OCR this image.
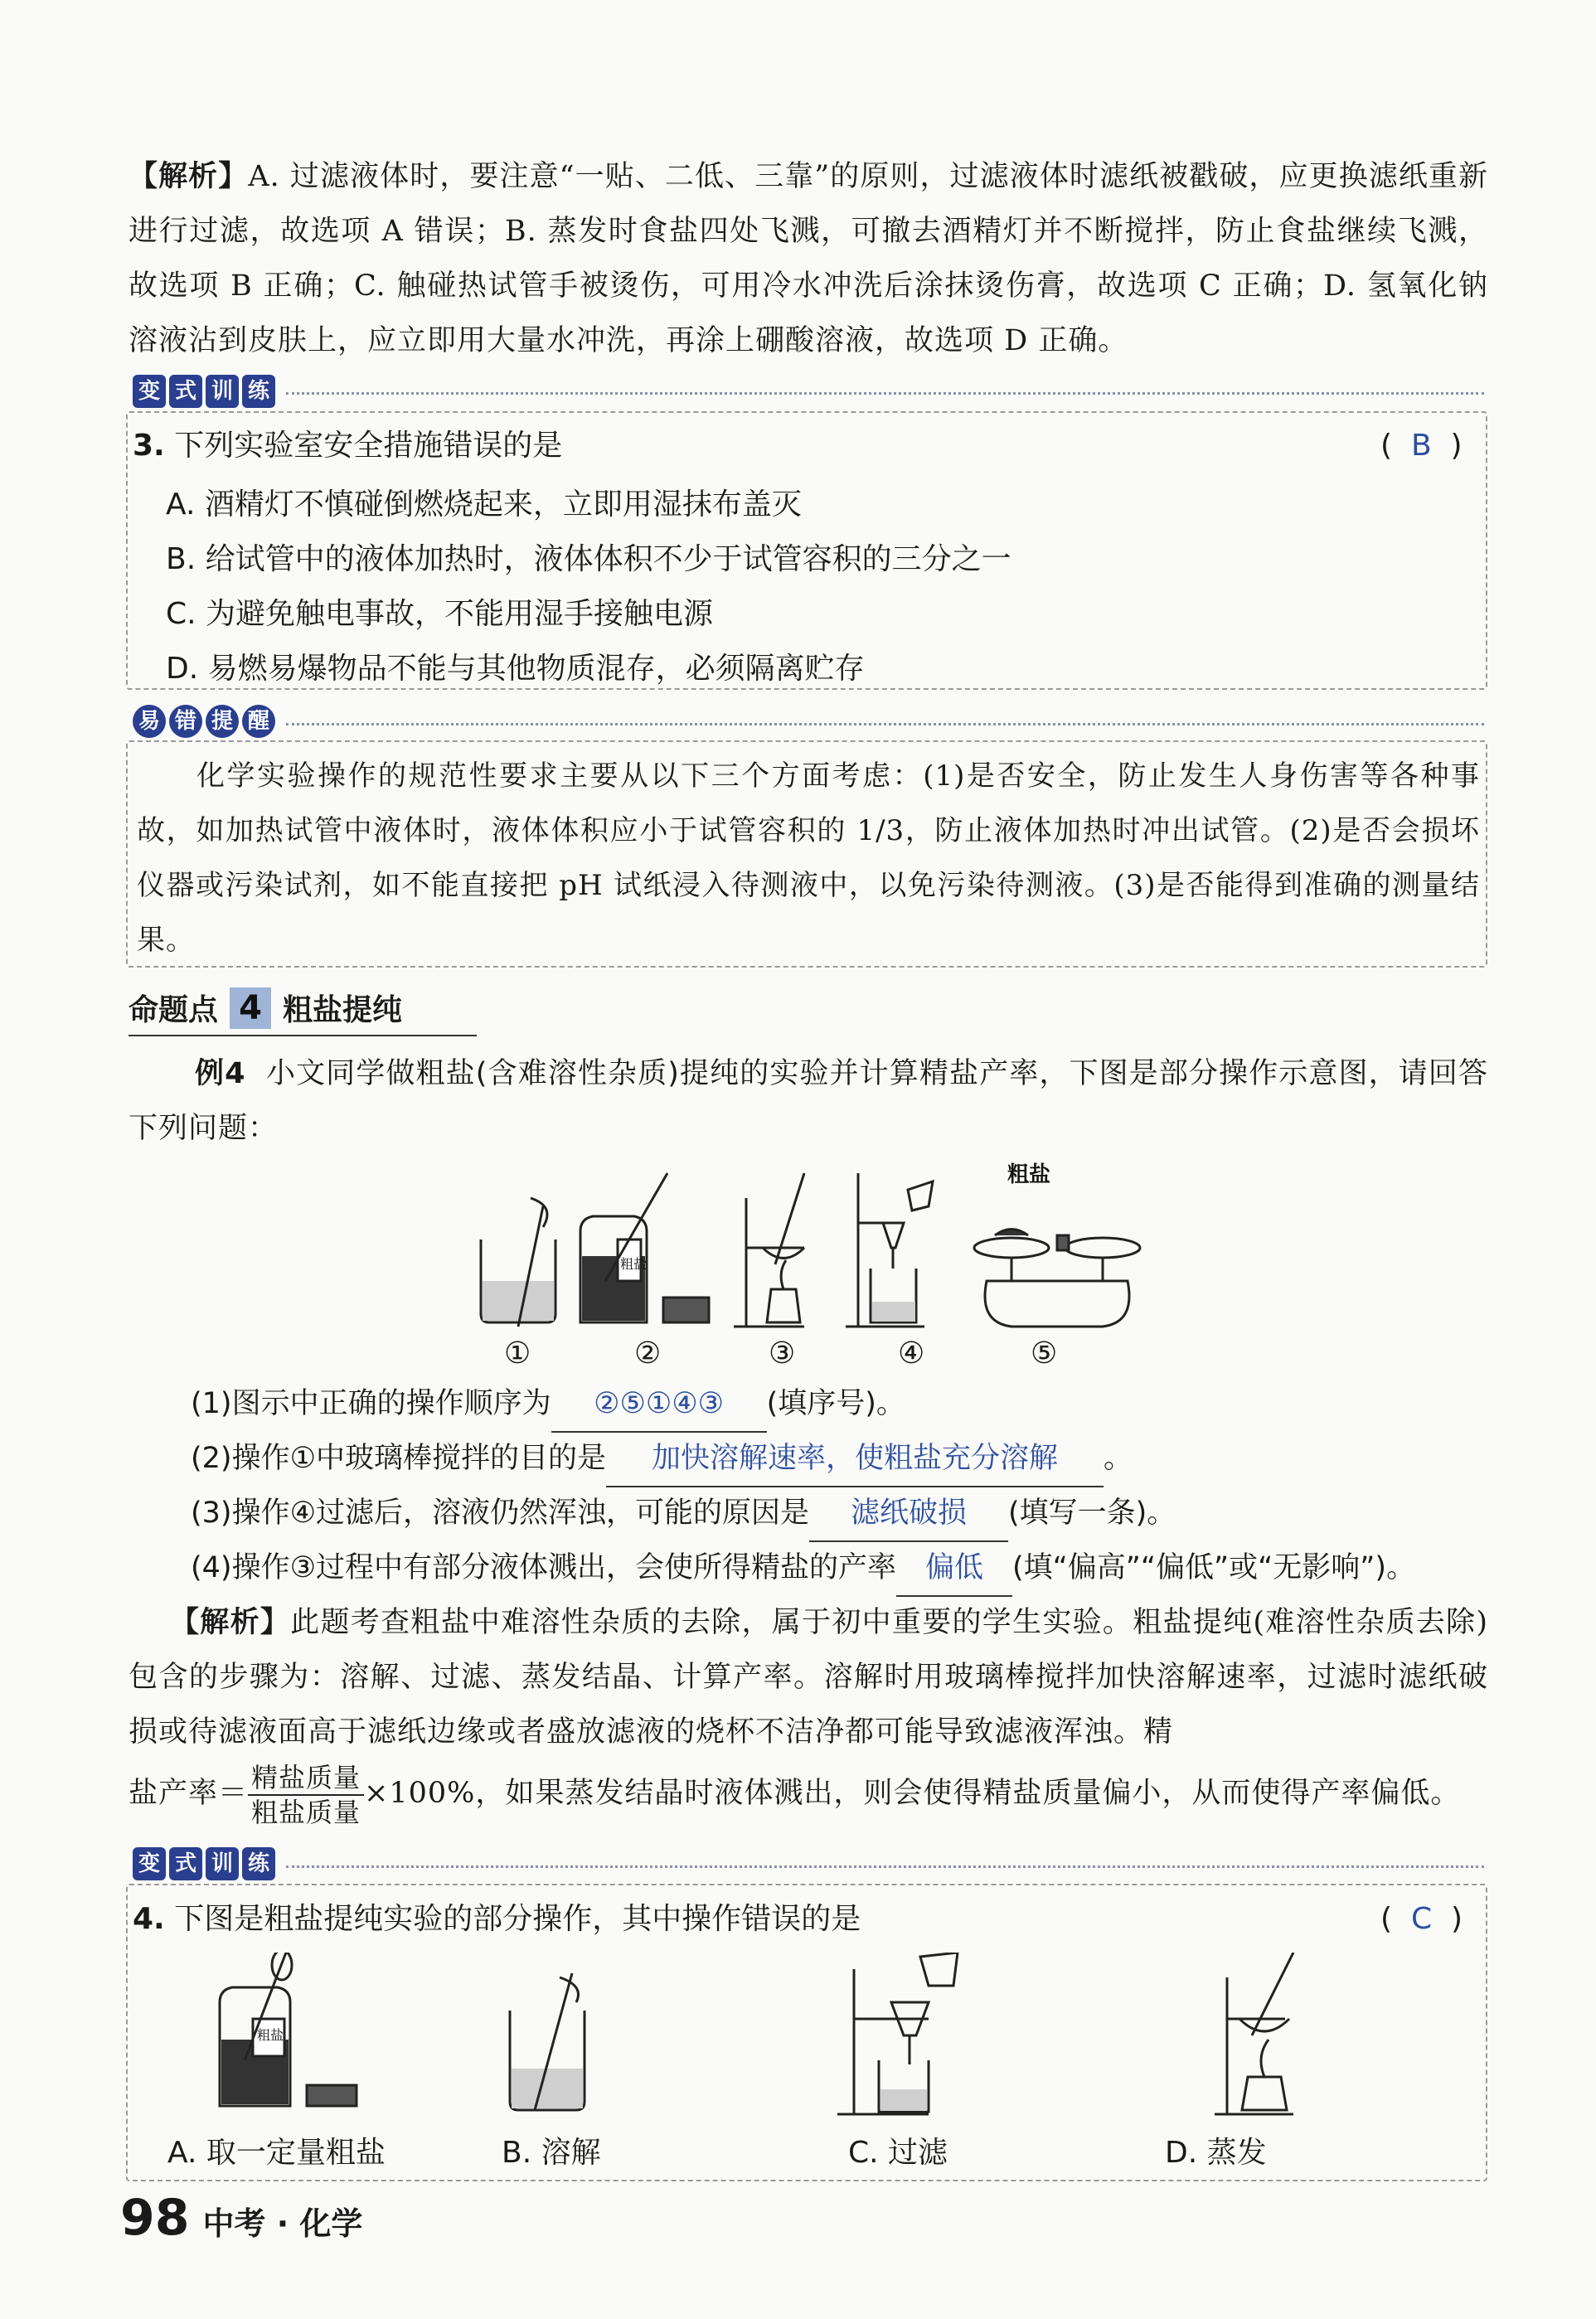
【解析】A. 过滤液体时，要注意“一贴、二低、三靠”的原则，过滤液体时滤纸被戳破，应更换滤纸重新进行过滤，故选项 A 错误；B. 蒸发时食盐四处飞溅，可撤去酒精灯并不断搅拌，防止食盐继续飞溅，故选项 B 正确；C. 触碰热试管手被烫伤，可用冷水冲洗后涂抹烫伤膏，故选项 C 正确；D. 氢氧化钠溶液沾到皮肤上，应立即用大量水冲洗，再涂上硼酸溶液，故选项 D 正确。
变 式 训 练
3. 下列实验室安全措施错误的是	( B )
A. 酒精灯不慎碰倒燃烧起来，立即用湿抹布盖灭
B. 给试管中的液体加热时，液体体积不少于试管容积的三分之一
C. 为避免触电事故，不能用湿手接触电源
D. 易燃易爆物品不能与其他物质混存，必须隔离贮存
易 错 提 醒
化学实验操作的规范性要求主要从以下三个方面考虑：(1)是否安全，防止发生人身伤害等各种事故，如加热试管中液体时，液体体积应小于试管容积的 1/3，防止液体加热时冲出试管。(2)是否会损坏仪器或污染试剂，如不能直接把 pH 试纸浸入待测液中，以免污染待测液。(3)是否能得到准确的测量结果。
命题点 4 粗盐提纯
例4 小文同学做粗盐(含难溶性杂质)提纯的实验并计算精盐产率，下图是部分操作示意图，请回答下列问题：
粗盐
粗盐
①	②	③	④	⑤
(1)图示中正确的操作顺序为 ②⑤①④③ (填序号)。
(2)操作①中玻璃棒搅拌的目的是 加快溶解速率，使粗盐充分溶解 。
(3)操作④过滤后，溶液仍然浑浊，可能的原因是 滤纸破损 (填写一条)。
(4)操作③过程中有部分液体溅出，会使所得精盐的产率 偏低 (填“偏高”“偏低”或“无影响”)。
【解析】此题考查粗盐中难溶性杂质的去除，属于初中重要的学生实验。粗盐提纯(难溶性杂质去除)包含的步骤为：溶解、过滤、蒸发结晶、计算产率。溶解时用玻璃棒搅拌加快溶解速率，过滤时滤纸破损或待滤液面高于滤纸边缘或者盛放滤液的烧杯不洁净都可能导致滤液浑浊。精
盐产率＝ $\frac{\text{精盐质量}}{\text{粗盐质量}} \times 100\%$，如果蒸发结晶时液体溅出，则会使得精盐质量偏小，从而使得产率偏低。
变 式 训 练
4. 下图是粗盐提纯实验的部分操作，其中操作错误的是	( C )
粗盐
A. 取一定量粗盐	B. 溶解	C. 过滤	D. 蒸发
98 中考 · 化学
